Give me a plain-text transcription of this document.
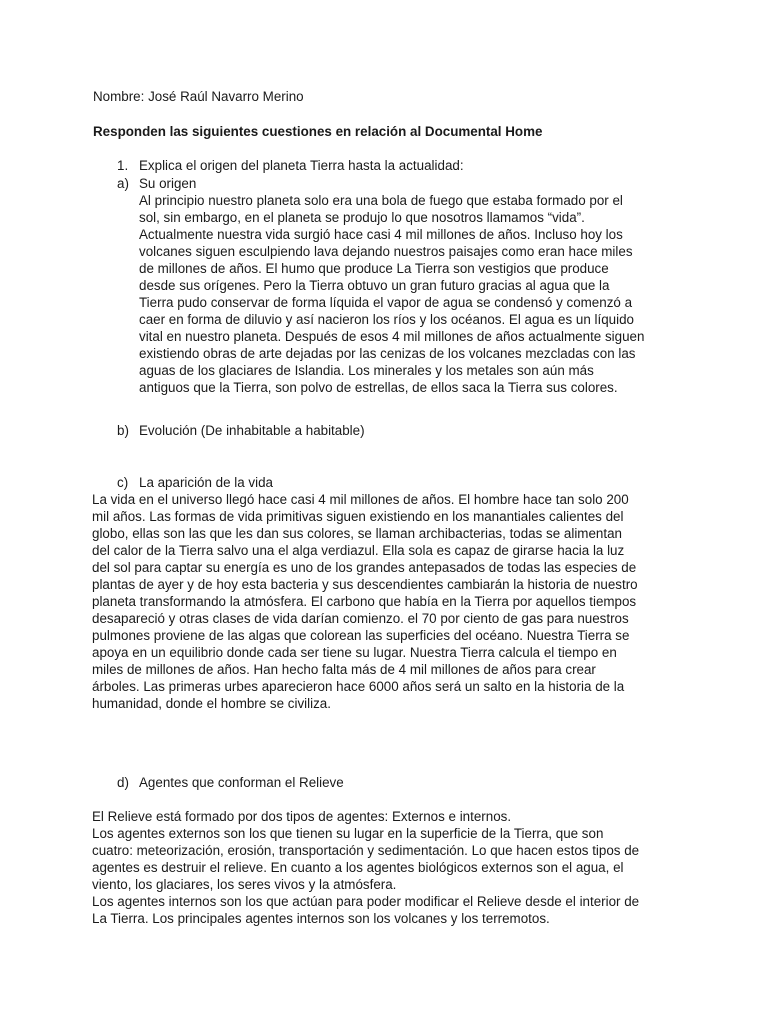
Nombre: José Raúl Navarro Merino
Responden las siguientes cuestiones en relación al Documental Home
1. Explica el origen del planeta Tierra hasta la actualidad:
a) Su origen
Al principio nuestro planeta solo era una bola de fuego que estaba formado por el
sol, sin embargo, en el planeta se produjo lo que nosotros llamamos “vida”.
Actualmente nuestra vida surgió hace casi 4 mil millones de años. Incluso hoy los
volcanes siguen esculpiendo lava dejando nuestros paisajes como eran hace miles
de millones de años. El humo que produce La Tierra son vestigios que produce
desde sus orígenes. Pero la Tierra obtuvo un gran futuro gracias al agua que la
Tierra pudo conservar de forma líquida el vapor de agua se condensó y comenzó a
caer en forma de diluvio y así nacieron los ríos y los océanos. El agua es un líquido
vital en nuestro planeta. Después de esos 4 mil millones de años actualmente siguen
existiendo obras de arte dejadas por las cenizas de los volcanes mezcladas con las
aguas de los glaciares de Islandia. Los minerales y los metales son aún más
antiguos que la Tierra, son polvo de estrellas, de ellos saca la Tierra sus colores.
b) Evolución (De inhabitable a habitable)
c) La aparición de la vida
La vida en el universo llegó hace casi 4 mil millones de años. El hombre hace tan solo 200
mil años. Las formas de vida primitivas siguen existiendo en los manantiales calientes del
globo, ellas son las que les dan sus colores, se llaman archibacterias, todas se alimentan
del calor de la Tierra salvo una el alga verdiazul. Ella sola es capaz de girarse hacia la luz
del sol para captar su energía es uno de los grandes antepasados de todas las especies de
plantas de ayer y de hoy esta bacteria y sus descendientes cambiarán la historia de nuestro
planeta transformando la atmósfera. El carbono que había en la Tierra por aquellos tiempos
desapareció y otras clases de vida darían comienzo. el 70 por ciento de gas para nuestros
pulmones proviene de las algas que colorean las superficies del océano. Nuestra Tierra se
apoya en un equilibrio donde cada ser tiene su lugar. Nuestra Tierra calcula el tiempo en
miles de millones de años. Han hecho falta más de 4 mil millones de años para crear
árboles. Las primeras urbes aparecieron hace 6000 años será un salto en la historia de la
humanidad, donde el hombre se civiliza.
d) Agentes que conforman el Relieve
El Relieve está formado por dos tipos de agentes: Externos e internos.
Los agentes externos son los que tienen su lugar en la superficie de la Tierra, que son
cuatro: meteorización, erosión, transportación y sedimentación. Lo que hacen estos tipos de
agentes es destruir el relieve. En cuanto a los agentes biológicos externos son el agua, el
viento, los glaciares, los seres vivos y la atmósfera.
Los agentes internos son los que actúan para poder modificar el Relieve desde el interior de
La Tierra. Los principales agentes internos son los volcanes y los terremotos.
